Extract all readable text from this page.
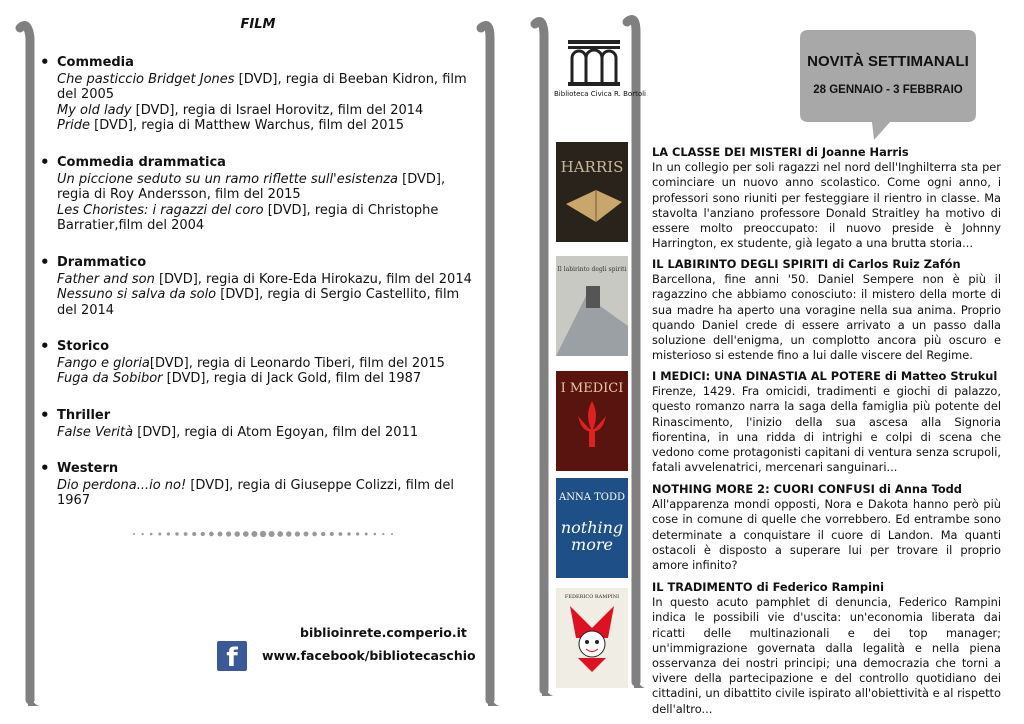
FILM
• Commedia
Che pasticcio Bridget Jones [DVD], regia di Beeban Kidron, film del 2005
My old lady [DVD], regia di Israel Horovitz, film del 2014
Pride [DVD], regia di Matthew Warchus, film del 2015
• Commedia drammatica
Un piccione seduto su un ramo riflette sull'esistenza [DVD], regia di Roy Andersson, film del 2015
Les Choristes: i ragazzi del coro [DVD], regia di Christophe Barratier,film del 2004
• Drammatico
Father and son [DVD], regia di Kore-Eda Hirokazu, film del 2014
Nessuno si salva da solo [DVD], regia di Sergio Castellito, film del 2014
• Storico
Fango e gloria[DVD], regia di Leonardo Tiberi, film del 2015
Fuga da Sobibor [DVD], regia di Jack Gold, film del 1987
• Thriller
False Verità [DVD], regia di Atom Egoyan, film del 2011
• Western
Dio perdona...io no! [DVD], regia di Giuseppe Colizzi, film del 1967
biblioinrete.comperio.it
f	www.facebook/bibliotecaschio
Biblioteca Civica R. Bortoli
NOVITÀ SETTIMANALI
28 GENNAIO - 3 FEBBRAIO
HARRIS
Il labirinto degli spiriti
I MEDICI
nothing
more
ANNA TODD
FEDERICO RAMPINI
LA CLASSE DEI MISTERI di Joanne Harris
In un collegio per soli ragazzi nel nord dell'Inghilterra sta per cominciare un nuovo anno scolastico. Come ogni anno, i professori sono riuniti per festeggiare il rientro in classe. Ma stavolta l'anziano professore Donald Straitley ha motivo di essere molto preoccupato: il nuovo preside è Johnny Harrington, ex studente, già legato a una brutta storia...
IL LABIRINTO DEGLI SPIRITI di Carlos Ruiz Zafón
Barcellona, fine anni '50. Daniel Sempere non è più il ragazzino che abbiamo conosciuto: il mistero della morte di sua madre ha aperto una voragine nella sua anima. Proprio quando Daniel crede di essere arrivato a un passo dalla soluzione dell'enigma, un complotto ancora più oscuro e misterioso si estende fino a lui dalle viscere del Regime.
I MEDICI: UNA DINASTIA AL POTERE di Matteo Strukul
Firenze, 1429. Fra omicidi, tradimenti e giochi di palazzo, questo romanzo narra la saga della famiglia più potente del Rinascimento, l'inizio della sua ascesa alla Signoria fiorentina, in una ridda di intrighi e colpi di scena che vedono come protagonisti capitani di ventura senza scrupoli, fatali avvelenatrici, mercenari sanguinari...
NOTHING MORE 2: CUORI CONFUSI di Anna Todd
All'apparenza mondi opposti, Nora e Dakota hanno però più cose in comune di quelle che vorrebbero. Ed entrambe sono determinate a conquistare il cuore di Landon. Ma quanti ostacoli è disposto a superare lui per trovare il proprio amore infinito?
IL TRADIMENTO di Federico Rampini
In questo acuto pamphlet di denuncia, Federico Rampini indica le possibili vie d'uscita: un'economia liberata dai ricatti delle multinazionali e dei top manager; un'immigrazione governata dalla legalità e nella piena osservanza dei nostri principi; una democrazia che torni a vivere della partecipazione e del controllo quotidiano dei cittadini, un dibattito civile ispirato all'obiettività e al rispetto dell'altro...
